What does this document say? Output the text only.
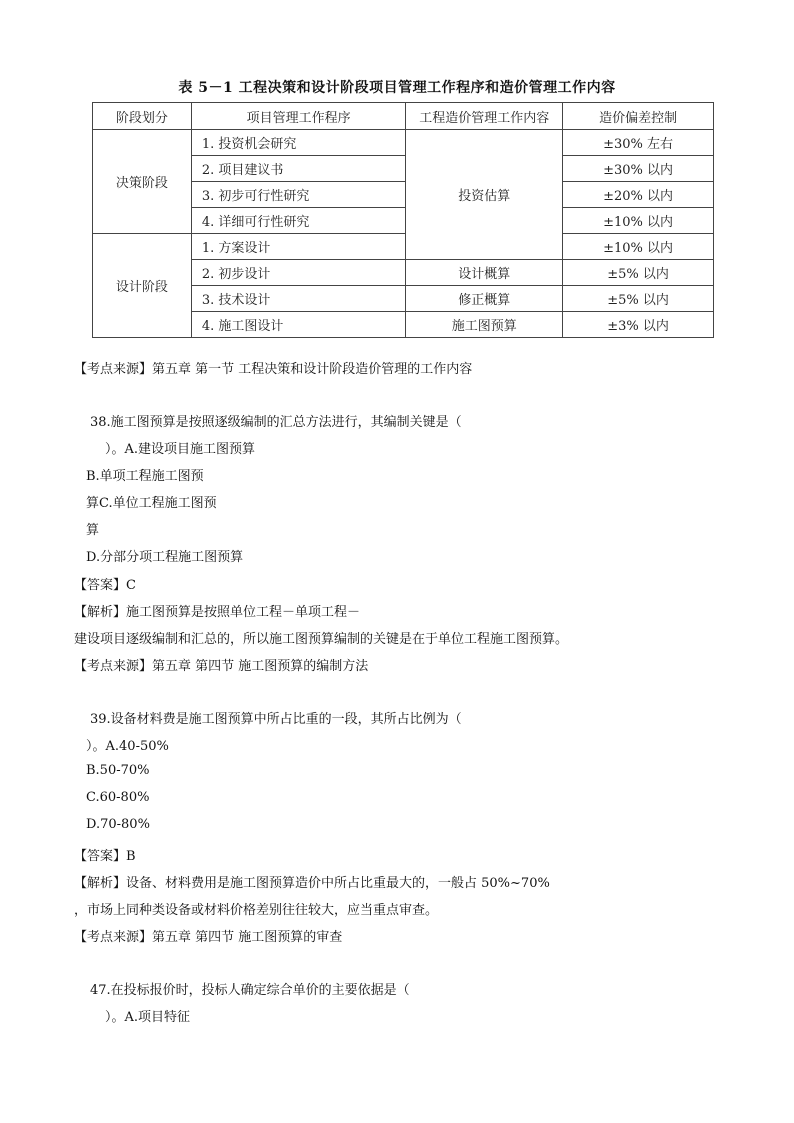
表 5－1 工程决策和设计阶段项目管理工作程序和造价管理工作内容
阶段划分	项目管理工作程序	工程造价管理工作内容	造价偏差控制
决策阶段	1. 投资机会研究	投资估算	±30% 左右
	2. 项目建议书		±30% 以内
	3. 初步可行性研究		±20% 以内
	4. 详细可行性研究		±10% 以内
设计阶段	1. 方案设计		±10% 以内
	2. 初步设计	设计概算	±5% 以内
	3. 技术设计	修正概算	±5% 以内
	4. 施工图设计	施工图预算	±3% 以内
【考点来源】第五章 第一节 工程决策和设计阶段造价管理的工作内容
38.施工图预算是按照逐级编制的汇总方法进行，其编制关键是（
）。A.建设项目施工图预算
B.单项工程施工图预
算C.单位工程施工图预
算
D.分部分项工程施工图预算
【答案】C
【解析】施工图预算是按照单位工程－单项工程－
建设项目逐级编制和汇总的，所以施工图预算编制的关键是在于单位工程施工图预算。
【考点来源】第五章 第四节 施工图预算的编制方法
39.设备材料费是施工图预算中所占比重的一段，其所占比例为（
）。A.40-50%
B.50-70%
C.60-80%
D.70-80%
【答案】B
【解析】设备、材料费用是施工图预算造价中所占比重最大的，一般占 50%~70%
，市场上同种类设备或材料价格差别往往较大，应当重点审查。
【考点来源】第五章 第四节 施工图预算的审查
47.在投标报价时，投标人确定综合单价的主要依据是（
）。A.项目特征
